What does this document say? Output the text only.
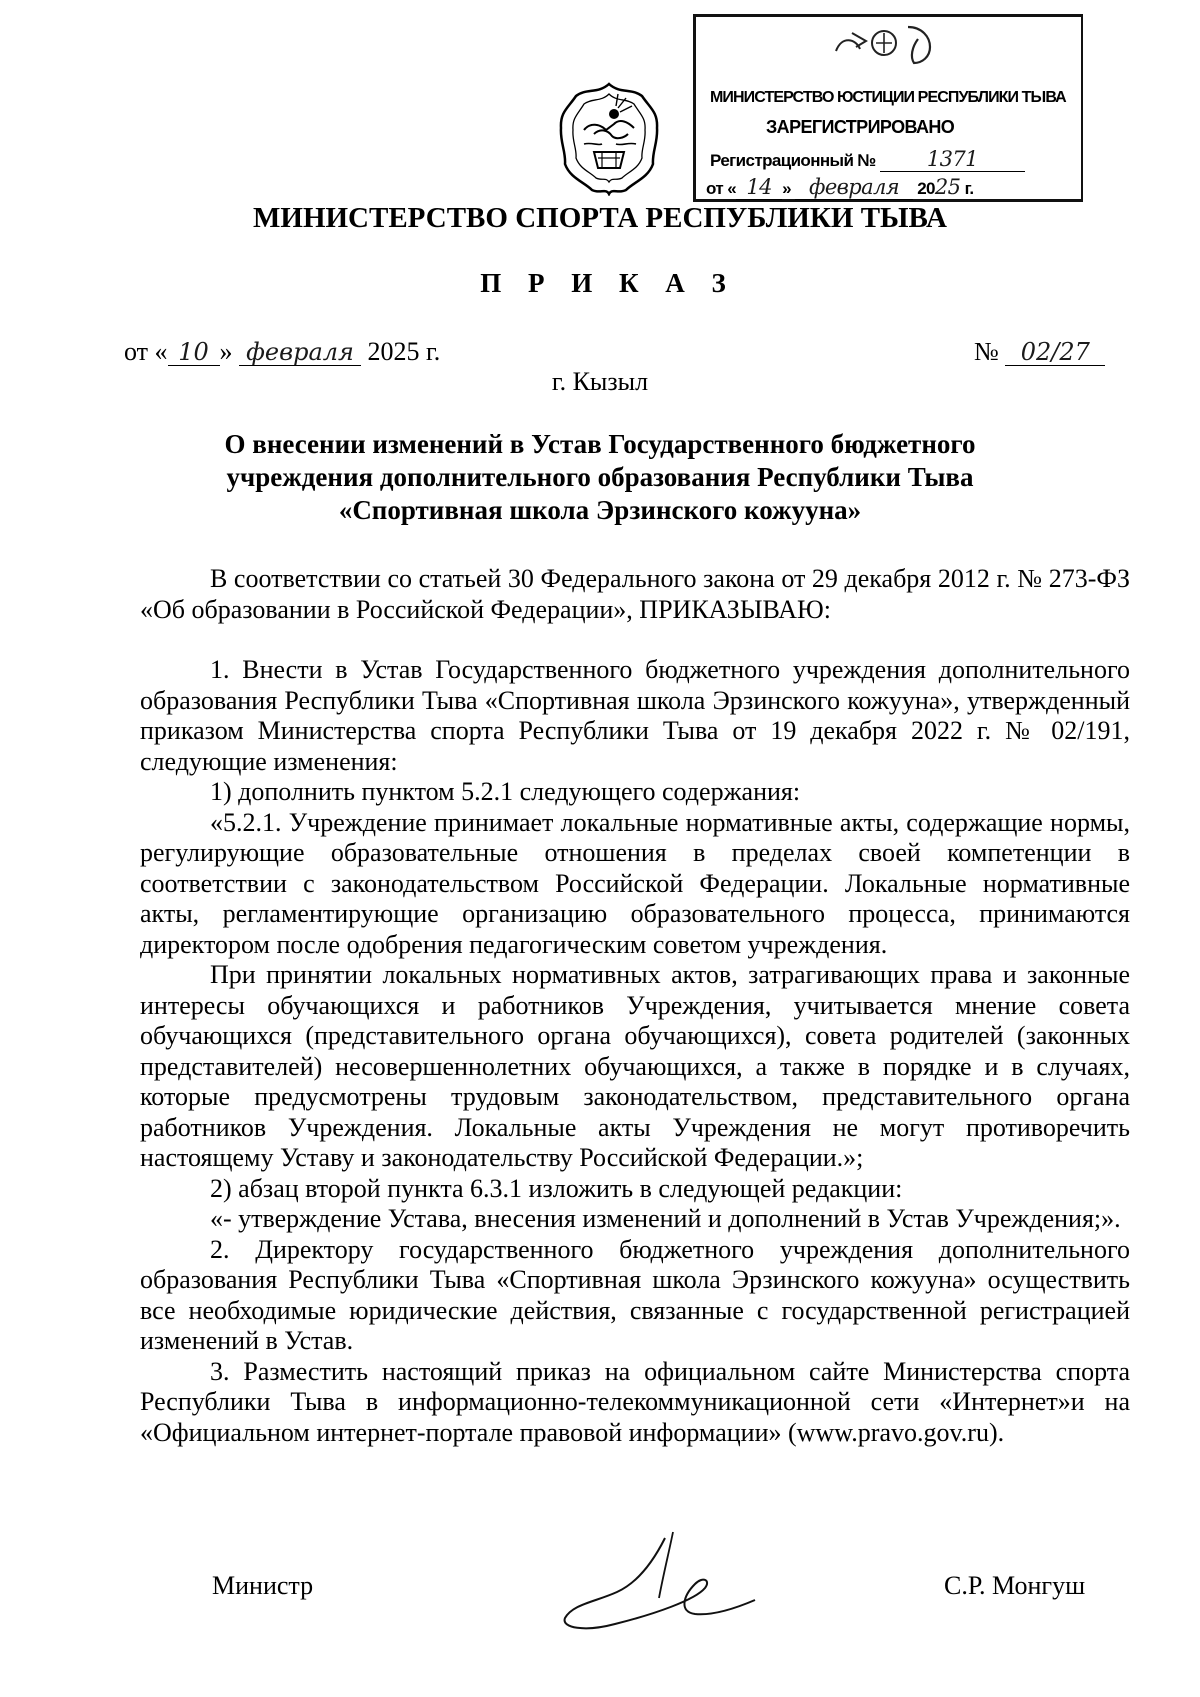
МИНИСТЕРСТВО ЮСТИЦИИ РЕСПУБЛИКИ ТЫВА

ЗАРЕГИСТРИРОВАНО

Регистрационный № 1371

от « 14 » февраля 2025 г.

МИНИСТЕРСТВО СПОРТА РЕСПУБЛИКИ ТЫВА

П Р И К А З

от « 10 » февраля 2025 г.	№ 02/27

г. Кызыл

О внесении изменений в Устав Государственного бюджетного учреждения дополнительного образования Республики Тыва «Спортивная школа Эрзинского кожууна»

В соответствии со статьей 30 Федерального закона от 29 декабря 2012 г. № 273-ФЗ «Об образовании в Российской Федерации», ПРИКАЗЫВАЮ:

1. Внести в Устав Государственного бюджетного учреждения дополнительного образования Республики Тыва «Спортивная школа Эрзинского кожууна», утвержденный приказом Министерства спорта Республики Тыва от 19 декабря 2022 г. № 02/191, следующие изменения:

1) дополнить пунктом 5.2.1 следующего содержания:

«5.2.1. Учреждение принимает локальные нормативные акты, содержащие нормы, регулирующие образовательные отношения в пределах своей компетенции в соответствии с законодательством Российской Федерации. Локальные нормативные акты, регламентирующие организацию образовательного процесса, принимаются директором после одобрения педагогическим советом учреждения.

При принятии локальных нормативных актов, затрагивающих права и законные интересы обучающихся и работников Учреждения, учитывается мнение совета обучающихся (представительного органа обучающихся), совета родителей (законных представителей) несовершеннолетних обучающихся, а также в порядке и в случаях, которые предусмотрены трудовым законодательством, представительного органа работников Учреждения. Локальные акты Учреждения не могут противоречить настоящему Уставу и законодательству Российской Федерации.»;

2) абзац второй пункта 6.3.1 изложить в следующей редакции:

«- утверждение Устава, внесения изменений и дополнений в Устав Учреждения;».

2. Директору государственного бюджетного учреждения дополнительного образования Республики Тыва «Спортивная школа Эрзинского кожууна» осуществить все необходимые юридические действия, связанные с государственной регистрацией изменений в Устав.

3. Разместить настоящий приказ на официальном сайте Министерства спорта Республики Тыва в информационно-телекоммуникационной сети «Интернет»и на «Официальном интернет-портале правовой информации» (www.pravo.gov.ru).

Министр	С.Р. Монгуш
